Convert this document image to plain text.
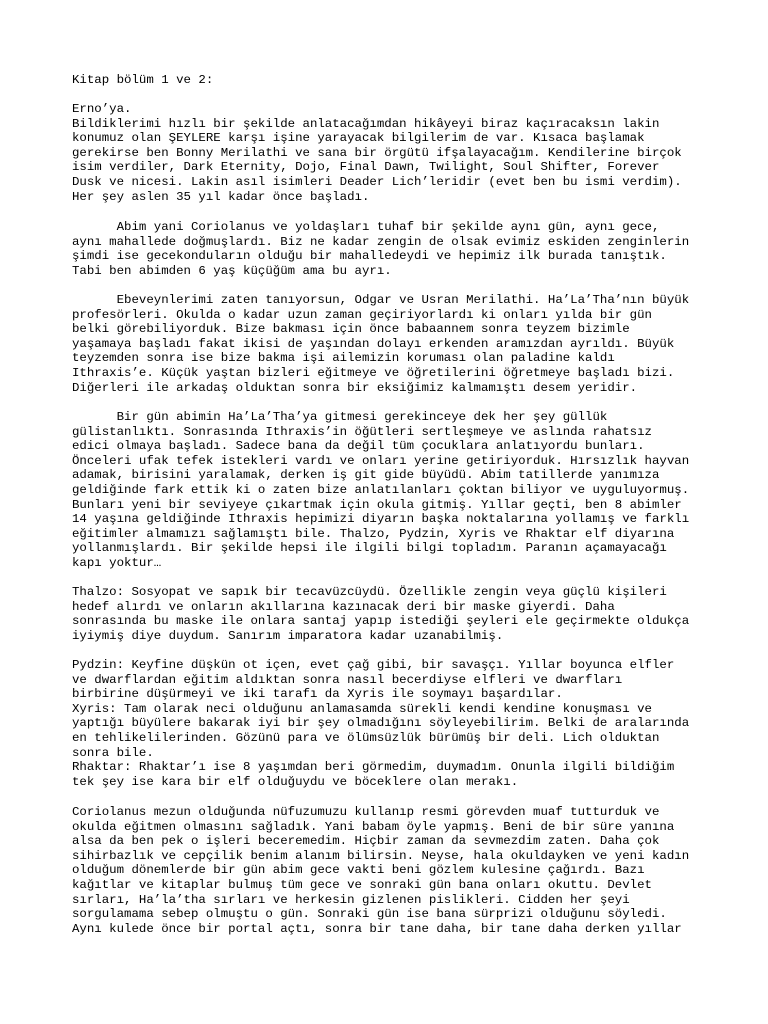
Kitap bölüm 1 ve 2:
Erno’ya.
Bildiklerimi hızlı bir şekilde anlatacağımdan hikâyeyi biraz kaçıracaksın lakin
konumuz olan ŞEYLERE karşı işine yarayacak bilgilerim de var. Kısaca başlamak
gerekirse ben Bonny Merilathi ve sana bir örgütü ifşalayacağım. Kendilerine birçok
isim verdiler, Dark Eternity, Dojo, Final Dawn, Twilight, Soul Shifter, Forever
Dusk ve nicesi. Lakin asıl isimleri Deader Lich’leridir (evet ben bu ismi verdim).
Her şey aslen 35 yıl kadar önce başladı.
Abim yani Coriolanus ve yoldaşları tuhaf bir şekilde aynı gün, aynı gece,
aynı mahallede doğmuşlardı. Biz ne kadar zengin de olsak evimiz eskiden zenginlerin
şimdi ise gecekonduların olduğu bir mahalledeydi ve hepimiz ilk burada tanıştık.
Tabi ben abimden 6 yaş küçüğüm ama bu ayrı.
Ebeveynlerimi zaten tanıyorsun, Odgar ve Usran Merilathi. Ha’La’Tha’nın büyük
profesörleri. Okulda o kadar uzun zaman geçiriyorlardı ki onları yılda bir gün
belki görebiliyorduk. Bize bakması için önce babaannem sonra teyzem bizimle
yaşamaya başladı fakat ikisi de yaşından dolayı erkenden aramızdan ayrıldı. Büyük
teyzemden sonra ise bize bakma işi ailemizin koruması olan paladine kaldı
Ithraxis’e. Küçük yaştan bizleri eğitmeye ve öğretilerini öğretmeye başladı bizi.
Diğerleri ile arkadaş olduktan sonra bir eksiğimiz kalmamıştı desem yeridir.
Bir gün abimin Ha’La’Tha’ya gitmesi gerekinceye dek her şey güllük
gülistanlıktı. Sonrasında Ithraxis’in öğütleri sertleşmeye ve aslında rahatsız
edici olmaya başladı. Sadece bana da değil tüm çocuklara anlatıyordu bunları.
Önceleri ufak tefek istekleri vardı ve onları yerine getiriyorduk. Hırsızlık hayvan
adamak, birisini yaralamak, derken iş git gide büyüdü. Abim tatillerde yanımıza
geldiğinde fark ettik ki o zaten bize anlatılanları çoktan biliyor ve uyguluyormuş.
Bunları yeni bir seviyeye çıkartmak için okula gitmiş. Yıllar geçti, ben 8 abimler
14 yaşına geldiğinde Ithraxis hepimizi diyarın başka noktalarına yollamış ve farklı
eğitimler almamızı sağlamıştı bile. Thalzo, Pydzin, Xyris ve Rhaktar elf diyarına
yollanmışlardı. Bir şekilde hepsi ile ilgili bilgi topladım. Paranın açamayacağı
kapı yoktur…
Thalzo: Sosyopat ve sapık bir tecavüzcüydü. Özellikle zengin veya güçlü kişileri
hedef alırdı ve onların akıllarına kazınacak deri bir maske giyerdi. Daha
sonrasında bu maske ile onlara santaj yapıp istediği şeyleri ele geçirmekte oldukça
iyiymiş diye duydum. Sanırım imparatora kadar uzanabilmiş.
Pydzin: Keyfine düşkün ot içen, evet çağ gibi, bir savaşçı. Yıllar boyunca elfler
ve dwarflardan eğitim aldıktan sonra nasıl becerdiyse elfleri ve dwarfları
birbirine düşürmeyi ve iki tarafı da Xyris ile soymayı başardılar.
Xyris: Tam olarak neci olduğunu anlamasamda sürekli kendi kendine konuşması ve
yaptığı büyülere bakarak iyi bir şey olmadığını söyleyebilirim. Belki de aralarında
en tehlikelilerinden. Gözünü para ve ölümsüzlük bürümüş bir deli. Lich olduktan
sonra bile.
Rhaktar: Rhaktar’ı ise 8 yaşımdan beri görmedim, duymadım. Onunla ilgili bildiğim
tek şey ise kara bir elf olduğuydu ve böceklere olan merakı.
Coriolanus mezun olduğunda nüfuzumuzu kullanıp resmi görevden muaf tutturduk ve
okulda eğitmen olmasını sağladık. Yani babam öyle yapmış. Beni de bir süre yanına
alsa da ben pek o işleri beceremedim. Hiçbir zaman da sevmezdim zaten. Daha çok
sihirbazlık ve cepçilik benim alanım bilirsin. Neyse, hala okuldayken ve yeni kadın
olduğum dönemlerde bir gün abim gece vakti beni gözlem kulesine çağırdı. Bazı
kağıtlar ve kitaplar bulmuş tüm gece ve sonraki gün bana onları okuttu. Devlet
sırları, Ha’la’tha sırları ve herkesin gizlenen pislikleri. Cidden her şeyi
sorgulamama sebep olmuştu o gün. Sonraki gün ise bana sürprizi olduğunu söyledi.
Aynı kulede önce bir portal açtı, sonra bir tane daha, bir tane daha derken yıllar
